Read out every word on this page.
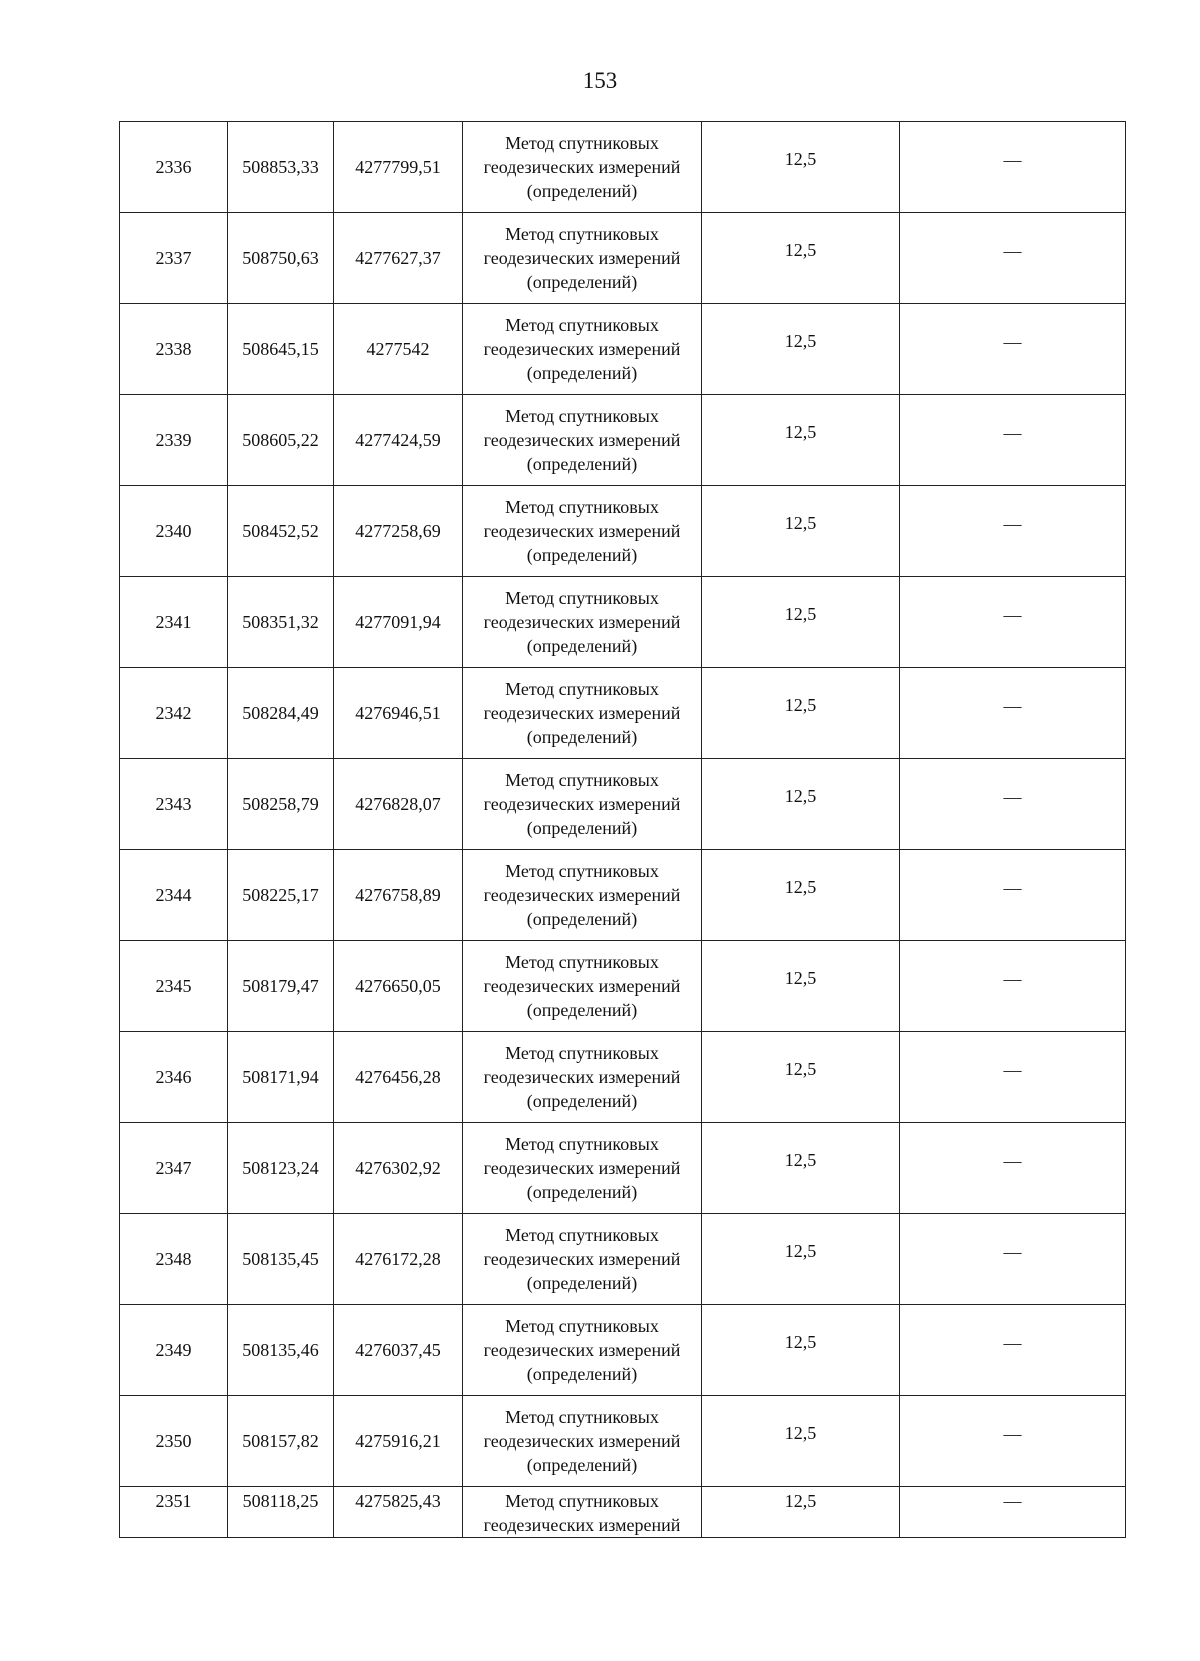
153
2336	508853,33	4277799,51	Метод спутниковых геодезических измерений (определений)	12,5	—

2337	508750,63	4277627,37	Метод спутниковых геодезических измерений (определений)	12,5	—

2338	508645,15	4277542	Метод спутниковых геодезических измерений (определений)	12,5	—

2339	508605,22	4277424,59	Метод спутниковых геодезических измерений (определений)	12,5	—

2340	508452,52	4277258,69	Метод спутниковых геодезических измерений (определений)	12,5	—

2341	508351,32	4277091,94	Метод спутниковых геодезических измерений (определений)	12,5	—

2342	508284,49	4276946,51	Метод спутниковых геодезических измерений (определений)	12,5	—

2343	508258,79	4276828,07	Метод спутниковых геодезических измерений (определений)	12,5	—

2344	508225,17	4276758,89	Метод спутниковых геодезических измерений (определений)	12,5	—

2345	508179,47	4276650,05	Метод спутниковых геодезических измерений (определений)	12,5	—

2346	508171,94	4276456,28	Метод спутниковых геодезических измерений (определений)	12,5	—

2347	508123,24	4276302,92	Метод спутниковых геодезических измерений (определений)	12,5	—

2348	508135,45	4276172,28	Метод спутниковых геодезических измерений (определений)	12,5	—

2349	508135,46	4276037,45	Метод спутниковых геодезических измерений (определений)	12,5	—

2350	508157,82	4275916,21	Метод спутниковых геодезических измерений (определений)	12,5	—

2351	508118,25	4275825,43	Метод спутниковых геодезических измерений	12,5	—
